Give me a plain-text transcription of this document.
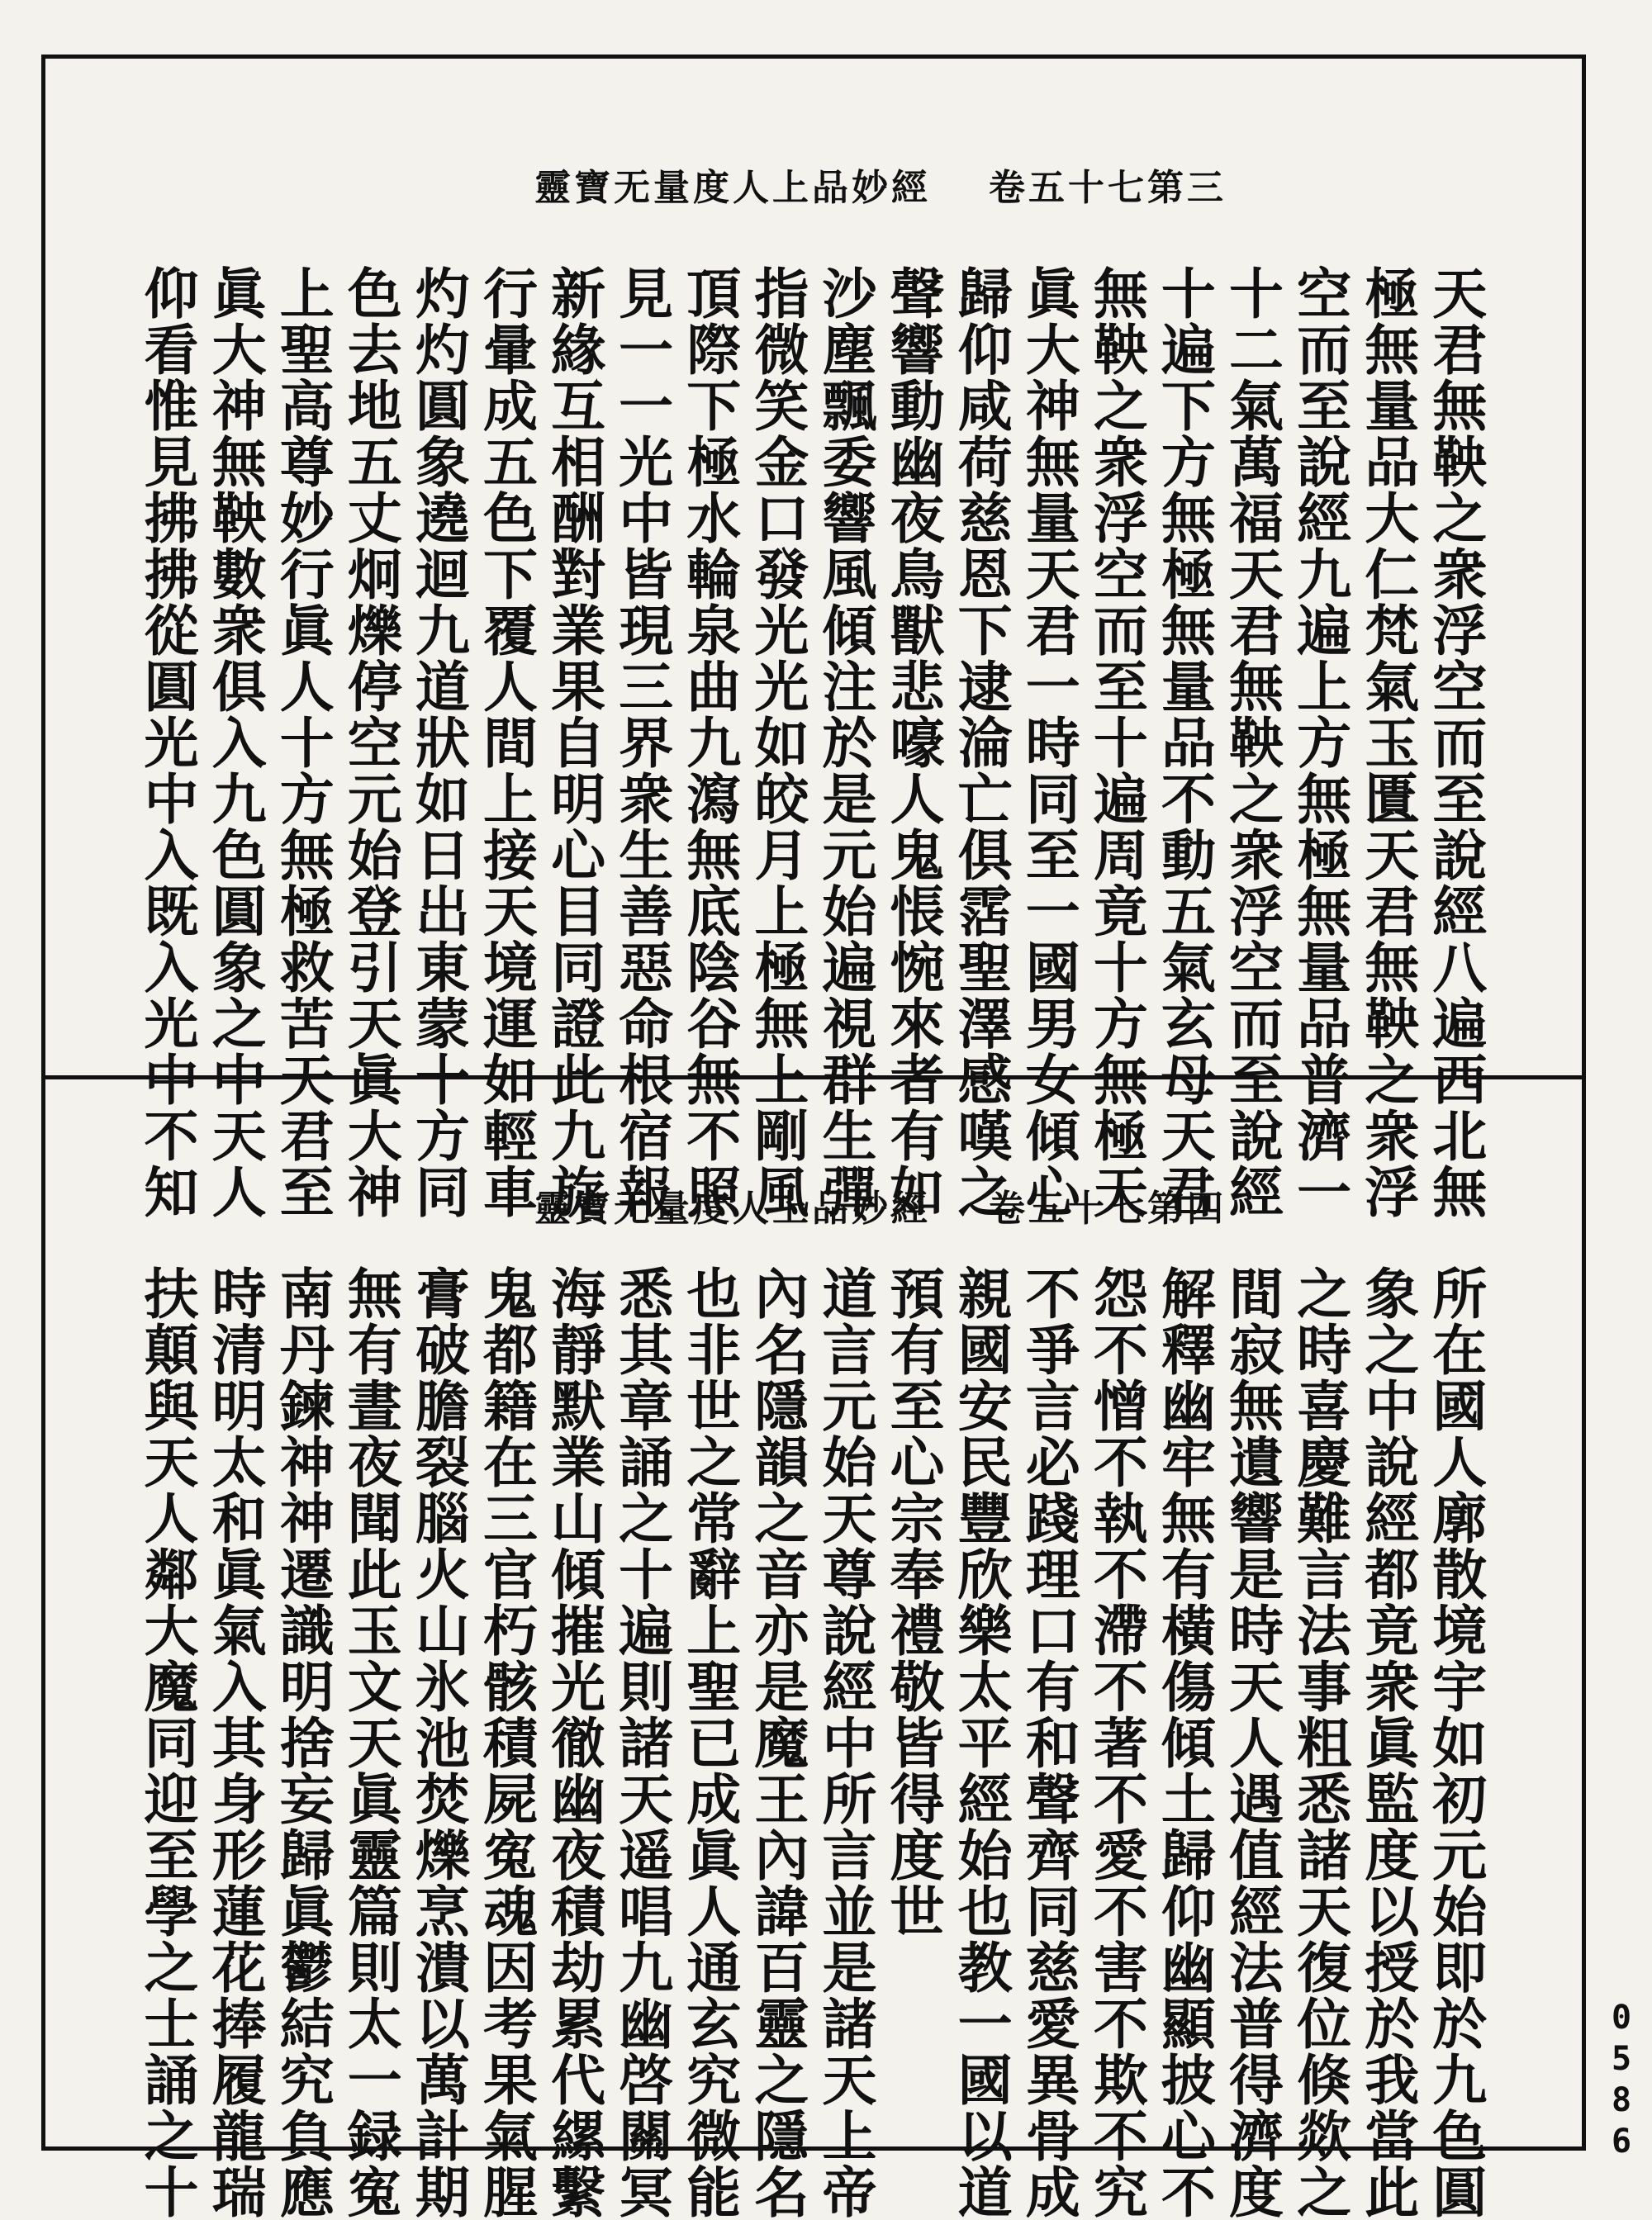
靈寶无量度人上品妙經 卷五十七第三
天君無鞅之衆浮空而至說經八遍西北無
極無量品大仁梵氣玉匱天君無鞅之衆浮
空而至說經九遍上方無極無量品普濟一
十二氣萬福天君無鞅之衆浮空而至說經
十遍下方無極無量品不動五氣玄母天君
無鞅之衆浮空而至十遍周竟十方無極天
眞大神無量天君一時同至一國男女傾心
歸仰咸荷慈恩下逮淪亡俱霑聖澤感嘆之
聲響動幽夜鳥獸悲嚎人鬼悵惋來者有如
沙塵飄委響風傾注於是元始遍視群生彈
指微笑金口發光光如皎月上極無上剛風
頂際下極水輪泉曲九瀉無底陰谷無不照
見一一光中皆現三界衆生善惡命根宿報
新緣互相酬對業果自明心目同證此九旋
行暈成五色下覆人間上接天境運如輕車
灼灼圓象遶迴九道狀如日出東蒙十方同
色去地五丈炯爍停空元始登引天眞大神
上聖高尊妙行眞人十方無極救苦天君至
眞大神無鞅數衆俱入九色圓象之中天人
仰看惟見拂拂從圓光中入既入光中不知	靈寶无量度人上品妙經 卷五十七第四
所在國人廓散境宇如初元始即於九色圓
象之中說經都竟衆眞監度以授於我當此
之時喜慶難言法事粗悉諸天復位倏欻之
間寂無遺響是時天人遇值經法普得濟度
解釋幽牢無有橫傷傾土歸仰幽顯披心不
怨不憎不執不滯不著不愛不害不欺不究
不爭言必踐理口有和聲齊同慈愛異骨成
親國安民豐欣樂太平經始也教一國以道
預有至心宗奉禮敬皆得度世
道言元始天尊說經中所言並是諸天上帝
內名隱韻之音亦是魔王內諱百靈之隱名
也非世之常辭上聖已成眞人通玄究微能
悉其章誦之十遍則諸天遥唱九幽啓關冥
海靜默業山傾摧光徹幽夜積劫累代縲繫
鬼都籍在三官朽骸積屍寃魂因考果氣腥
膏破膽裂腦火山氷池焚爍烹潰以萬計期
無有晝夜聞此玉文天眞靈篇則太一録寃
南丹鍊神神遷識明捨妄歸眞鬱結究負應
時清明太和眞氣入其身形蓮花捧履龍瑞
扶顛與天人鄰大魔同迎至學之士誦之十	0586
